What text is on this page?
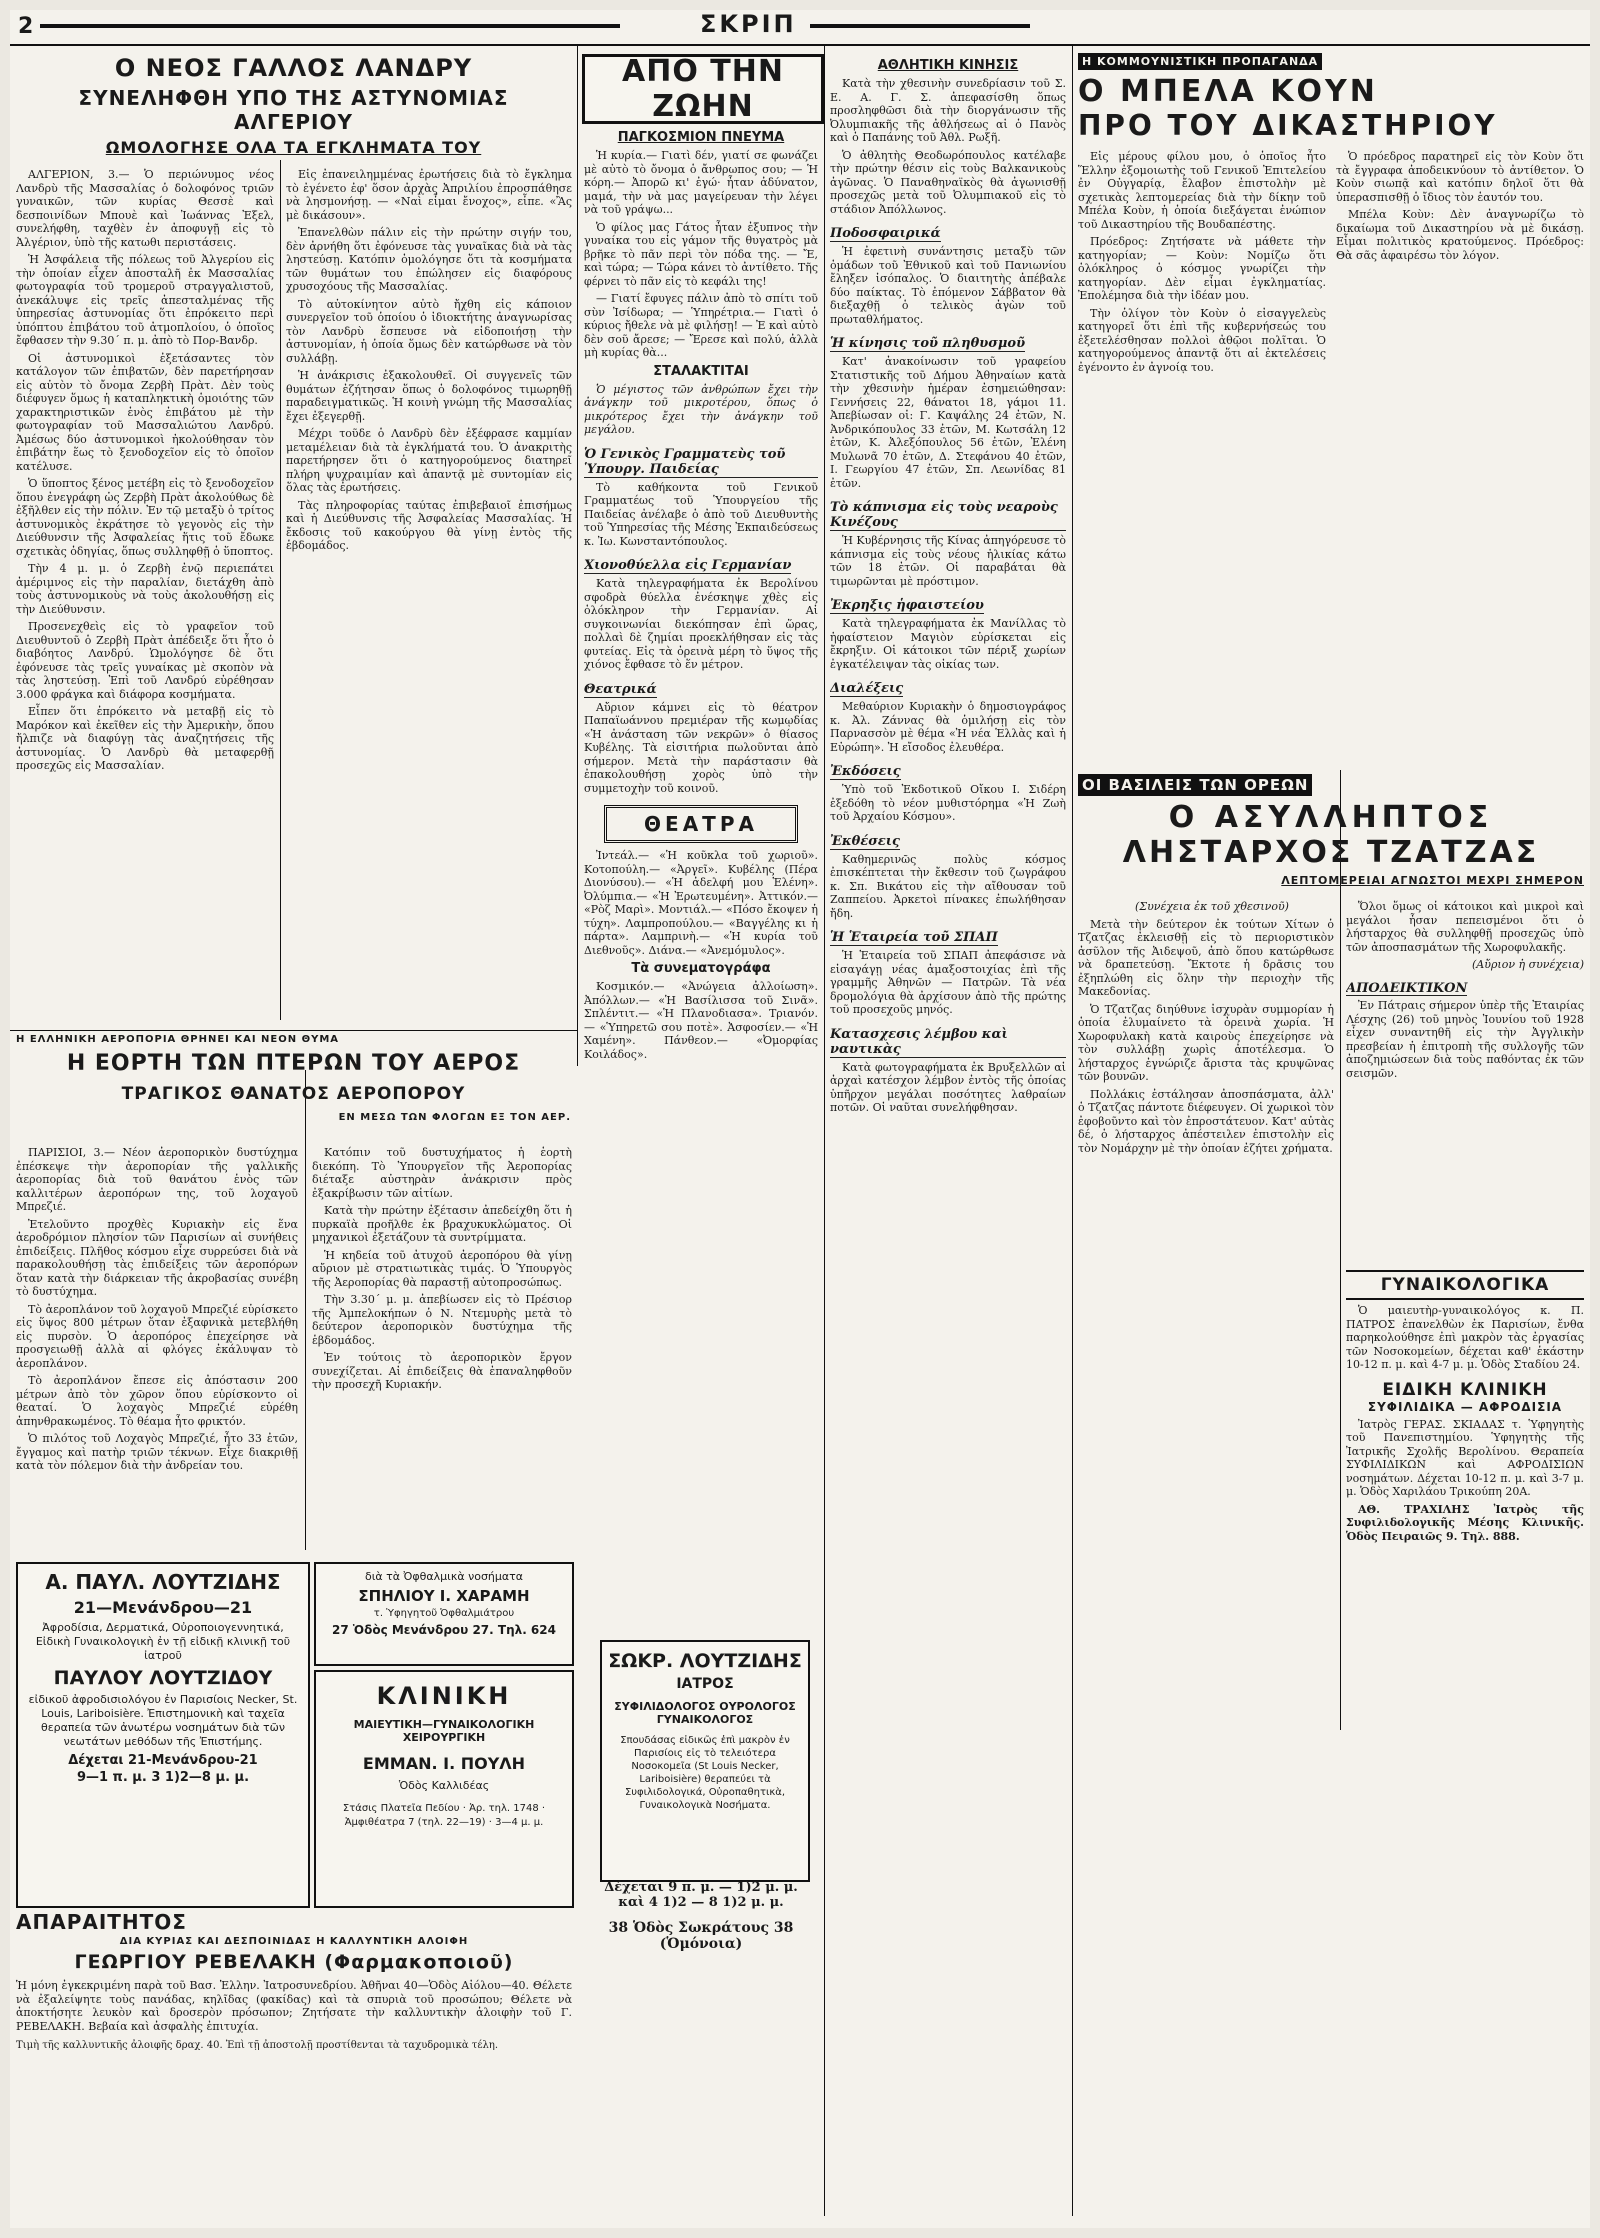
2	ΣΚΡΙΠ
Ο ΝΕΟΣ ΓΑΛΛΟΣ ΛΑΝΔΡΥ
ΣΥΝΕΛΗΦΘΗ ΥΠΟ ΤΗΣ ΑΣΤΥΝΟΜΙΑΣ ΑΛΓΕΡΙΟΥ
ΩΜΟΛΟΓΗΣΕ ΟΛΑ ΤΑ ΕΓΚΛΗΜΑΤΑ ΤΟΥ

ΑΛΓΕΡΙΟΝ, 3.— Ὁ περιώνυμος νέος Λανδρὺ τῆς Μασσαλίας ὁ δολοφόνος τριῶν γυναικῶν, τῶν κυρίας Θεσσὲ καὶ δεσποινίδων Μπουὲ καὶ Ἰωάννας Ἐξελ, συνελήφθη, ταχθὲν ἐν ἀποφυγῇ εἰς τὸ Ἀλγέριον, ὑπὸ τῆς κατωθι περιστάσεις.

Ἡ Ἀσφάλεια τῆς πόλεως τοῦ Ἀλγερίου εἰς τὴν ὁποίαν εἶχεν ἀποσταλῆ ἐκ Μασσαλίας φωτογραφία τοῦ τρομεροῦ στραγγαλιστοῦ, ἀνεκάλυψε εἰς τρεῖς ἀπεσταλμένας τῆς ὑπηρεσίας ἀστυνομίας ὅτι ἐπρόκειτο περὶ ὑπόπτου ἐπιβάτου τοῦ ἀτμοπλοίου, ὁ ὁποῖος ἔφθασεν τὴν 9.30΄ π. μ. ἀπὸ τὸ Πορ-Βανδρ.

Οἱ ἀστυνομικοὶ ἐξετάσαντες τὸν κατάλογον τῶν ἐπιβατῶν, δὲν παρετήρησαν εἰς αὐτὸν τὸ ὄνομα Ζερβὴ Πρὰτ. Δὲν τοὺς διέφυγεν ὅμως ἡ καταπληκτικὴ ὁμοιότης τῶν χαρακτηριστικῶν ἑνὸς ἐπιβάτου μὲ τὴν φωτογραφίαν τοῦ Μασσαλιώτου Λανδρύ. Ἀμέσως δύο ἀστυνομικοὶ ἠκολούθησαν τὸν ἐπιβάτην ἕως τὸ ξενοδοχεῖον εἰς τὸ ὁποῖον κατέλυσε.

Ὁ ὕποπτος ξένος μετέβη εἰς τὸ ξενοδοχεῖον ὅπου ἐνεγράφη ὡς Ζερβὴ Πρὰτ ἀκολούθως δὲ ἐξῆλθεν εἰς τὴν πόλιν. Ἐν τῷ μεταξὺ ὁ τρίτος ἀστυνομικὸς ἐκράτησε τὸ γεγονὸς εἰς τὴν Διεύθυνσιν τῆς Ἀσφαλείας ἥτις τοῦ ἔδωκε σχετικὰς ὁδηγίας, ὅπως συλληφθῇ ὁ ὕποπτος.

Τὴν 4 μ. μ. ὁ Ζερβὴ ἐνῷ περιεπάτει ἀμέριμνος εἰς τὴν παραλίαν, διετάχθη ἀπὸ τοὺς ἀστυνομικοὺς νὰ τοὺς ἀκολουθήσῃ εἰς τὴν Διεύθυνσιν.

Προσενεχθεὶς εἰς τὸ γραφεῖον τοῦ Διευθυντοῦ ὁ Ζερβὴ Πρὰτ ἀπέδειξε ὅτι ἦτο ὁ διαβόητος Λανδρύ. Ὡμολόγησε δὲ ὅτι ἐφόνευσε τὰς τρεῖς γυναίκας μὲ σκοπὸν νὰ τὰς ληστεύσῃ. Ἐπὶ τοῦ Λανδρύ εὑρέθησαν 3.000 φράγκα καὶ διάφορα κοσμήματα.

Εἶπεν ὅτι ἐπρόκειτο νὰ μεταβῇ εἰς τὸ Μαρόκον καὶ ἐκεῖθεν εἰς τὴν Ἀμερικὴν, ὅπου ἤλπιζε νὰ διαφύγῃ τὰς ἀναζητήσεις τῆς ἀστυνομίας. Ὁ Λανδρὺ θὰ μεταφερθῇ προσεχῶς εἰς Μασσαλίαν.

Εἰς ἐπανειλημμένας ἐρωτήσεις διὰ τὸ ἔγκλημα τὸ ἐγένετο ἐφ' ὅσον ἀρχὰς Ἀπριλίου ἐπροσπάθησε νὰ λησμονήσῃ. — «Ναὶ εἶμαι ἔνοχος», εἶπε. «Ἂς μὲ δικάσουν».

Ἐπανελθὼν πάλιν εἰς τὴν πρώτην σιγήν του, δὲν ἀρνήθη ὅτι ἐφόνευσε τὰς γυναῖκας διὰ νὰ τὰς ληστεύσῃ. Κατόπιν ὁμολόγησε ὅτι τὰ κοσμήματα τῶν θυμάτων του ἐπώλησεν εἰς διαφόρους χρυσοχόους τῆς Μασσαλίας.

Τὸ αὐτοκίνητον αὐτὸ ἤχθη εἰς κάποιον συνεργεῖον τοῦ ὁποίου ὁ ἰδιοκτήτης ἀναγνωρίσας τὸν Λανδρὺ ἔσπευσε νὰ εἰδοποιήσῃ τὴν ἀστυνομίαν, ἡ ὁποία ὅμως δὲν κατώρθωσε νὰ τὸν συλλάβῃ.

Ἡ ἀνάκρισις ἐξακολουθεῖ. Οἱ συγγενεῖς τῶν θυμάτων ἐζήτησαν ὅπως ὁ δολοφόνος τιμωρηθῇ παραδειγματικῶς. Ἡ κοινὴ γνώμη τῆς Μασσαλίας ἔχει ἐξεγερθῇ.

Μέχρι τοῦδε ὁ Λανδρὺ δὲν ἐξέφρασε καμμίαν μεταμέλειαν διὰ τὰ ἐγκλήματά του. Ὁ ἀνακριτὴς παρετήρησεν ὅτι ὁ κατηγορούμενος διατηρεῖ πλήρη ψυχραιμίαν καὶ ἀπαντᾷ μὲ συντομίαν εἰς ὅλας τὰς ἐρωτήσεις.

Τὰς πληροφορίας ταύτας ἐπιβεβαιοῖ ἐπισήμως καὶ ἡ Διεύθυνσις τῆς Ἀσφαλείας Μασσαλίας. Ἡ ἔκδοσις τοῦ κακούργου θὰ γίνῃ ἐντὸς τῆς ἑβδομάδος.

Η ΕΛΛΗΝΙΚΗ ΑΕΡΟΠΟΡΙΑ ΘΡΗΝΕΙ ΚΑΙ ΝΕΟΝ ΘΥΜΑ
Η ΕΟΡΤΗ ΤΩΝ ΠΤΕΡΩΝ ΤΟΥ ΑΕΡΟΣ
ΤΡΑΓΙΚΟΣ ΘΑΝΑΤΟΣ ΑΕΡΟΠΟΡΟΥ
ΕΝ ΜΕΣΩ ΤΩΝ ΦΛΟΓΩΝ ΕΞ ΤΟΝ ΑΕΡ.

ΠΑΡΙΣΙΟΙ, 3.— Νέον ἀεροπορικὸν δυστύχημα ἐπέσκεψε τὴν ἀεροπορίαν τῆς γαλλικῆς ἀεροπορίας διὰ τοῦ θανάτου ἑνὸς τῶν καλλιτέρων ἀεροπόρων της, τοῦ λοχαγοῦ Μπρεζιέ.

Ἐτελοῦντο προχθὲς Κυριακὴν εἰς ἕνα ἀεροδρόμιον πλησίον τῶν Παρισίων αἱ συνήθεις ἐπιδείξεις. Πλῆθος κόσμου εἶχε συρρεύσει διὰ νὰ παρακολουθήσῃ τὰς ἐπιδείξεις τῶν ἀεροπόρων ὅταν κατὰ τὴν διάρκειαν τῆς ἀκροβασίας συνέβη τὸ δυστύχημα.

Τὸ ἀεροπλάνον τοῦ λοχαγοῦ Μπρεζιέ εὑρίσκετο εἰς ὕψος 800 μέτρων ὅταν ἐξαφνικὰ μετεβλήθη εἰς πυρσὸν. Ὁ ἀεροπόρος ἐπεχείρησε νὰ προσγειωθῇ ἀλλὰ αἱ φλόγες ἐκάλυψαν τὸ ἀεροπλάνον.

Τὸ ἀεροπλάνον ἔπεσε εἰς ἀπόστασιν 200 μέτρων ἀπὸ τὸν χῶρον ὅπου εὑρίσκοντο οἱ θεαταί. Ὁ λοχαγὸς Μπρεζιέ εὑρέθη ἀπηνθρακωμένος. Τὸ θέαμα ἦτο φρικτόν.

Ὁ πιλότος τοῦ Λοχαγὸς Μπρεζιέ, ἦτο 33 ἐτῶν, ἔγγαμος καὶ πατὴρ τριῶν τέκνων. Εἶχε διακριθῇ κατὰ τὸν πόλεμον διὰ τὴν ἀνδρείαν του.

Κατόπιν τοῦ δυστυχήματος ἡ ἑορτὴ διεκόπη. Τὸ Ὑπουργεῖον τῆς Ἀεροπορίας διέταξε αὐστηρὰν ἀνάκρισιν πρὸς ἐξακρίβωσιν τῶν αἰτίων.

Κατὰ τὴν πρώτην ἐξέτασιν ἀπεδείχθη ὅτι ἡ πυρκαϊὰ προῆλθε ἐκ βραχυκυκλώματος. Οἱ μηχανικοὶ ἐξετάζουν τὰ συντρίμματα.

Ἡ κηδεία τοῦ ἀτυχοῦ ἀεροπόρου θὰ γίνῃ αὔριον μὲ στρατιωτικὰς τιμάς. Ὁ Ὑπουργὸς τῆς Ἀεροπορίας θὰ παραστῇ αὐτοπροσώπως.

Τὴν 3.30΄ μ. μ. ἀπεβίωσεν εἰς τὸ Πρέσιορ τῆς Ἀμπελοκήπων ὁ Ν. Ντεμυρὴς μετὰ τὸ δεύτερον ἀεροπορικὸν δυστύχημα τῆς ἑβδομάδος.

Ἐν τούτοις τὸ ἀεροπορικὸν ἔργον συνεχίζεται. Αἱ ἐπιδείξεις θὰ ἐπαναληφθοῦν τὴν προσεχῆ Κυριακήν.

Α. ΠΑΥΛ. ΛΟΥΤΖΙΔΗΣ
21—Μενάνδρου—21
Ἀφροδίσια, Δερματικά, Οὐροποιογεννητικά, Εἰδικὴ Γυναικολογικὴ ἐν τῇ εἰδικῇ κλινικῇ τοῦ ἰατροῦ
ΠΑΥΛΟΥ ΛΟΥΤΖΙΔΟΥ
εἰδικοῦ ἀφροδισιολόγου ἐν Παρισίοις Necker, St. Louis, Lariboisière. Ἐπιστημονικὴ καὶ ταχεῖα θεραπεία τῶν ἀνωτέρω νοσημάτων διὰ τῶν νεωτάτων μεθόδων τῆς Ἐπιστήμης.
Δέχεται 21-Μενάνδρου-21
9—1 π. μ. 3 1)2—8 μ. μ.
διὰ τὰ Ὀφθαλμικὰ νοσήματα
ΣΠΗΛΙΟΥ Ι. ΧΑΡΑΜΗ
τ. Ὑφηγητοῦ Ὀφθαλμιάτρου
27 Ὁδὸς Μενάνδρου 27. Τηλ. 624
ΚΛΙΝΙΚΗ
ΜΑΙΕΥΤΙΚΗ—ΓΥΝΑΙΚΟΛΟΓΙΚΗ ΧΕΙΡΟΥΡΓΙΚΗ
ΕΜΜΑΝ. Ι. ΠΟΥΛΗ
Ὁδὸς Καλλιδέας
Στάσις Πλατεῖα Πεδίου · Ἀρ. τηλ. 1748 · Ἀμφιθέατρα 7 (τηλ. 22—19) · 3—4 μ. μ.
ΑΠΑΡΑΙΤΗΤΟΣ
ΔΙΑ ΚΥΡΙΑΣ ΚΑΙ ΔΕΣΠΟΙΝΙΔΑΣ Η ΚΑΛΛΥΝΤΙΚΗ ΑΛΟΙΦΗ
ΓΕΩΡΓΙΟΥ ΡΕΒΕΛΑΚΗ (Φαρμακοποιοῦ)
Ἡ μόνη ἐγκεκριμένη παρὰ τοῦ Βασ. Ἑλλην. Ἰατροσυνεδρίου. Ἀθῆναι 40—Ὁδὸς Αἰόλου—40. Θέλετε νὰ ἐξαλείψητε τοὺς πανάδας, κηλῖδας (φακίδας) καὶ τὰ σπυριὰ τοῦ προσώπου; Θέλετε νὰ ἀποκτήσητε λευκὸν καὶ δροσερὸν πρόσωπον; Ζητήσατε τὴν καλλυντικὴν ἀλοιφὴν τοῦ Γ. ΡΕΒΕΛΑΚΗ. Βεβαία καὶ ἀσφαλὴς ἐπιτυχία.
Τιμὴ τῆς καλλυντικῆς ἀλοιφῆς δραχ. 40. Ἐπὶ τῇ ἀποστολῇ προστίθενται τὰ ταχυδρομικὰ τέλη.
ΑΠΟ ΤΗΝ ΖΩΗΝ
ΠΑΓΚΟΣΜΙΟΝ ΠΝΕΥΜΑ

Ἡ κυρία.— Γιατὶ δέν, γιατί σε φωνάζει μὲ αὐτὸ τὸ ὄνομα ὁ ἄνθρωπος σου; — Ἡ κόρη.— Ἀπορῶ κι' ἐγώ· ἦταν ἀδύνατον, μαμά, τὴν νὰ μας μαγείρευαν τὴν λέγει νὰ τοῦ γράψω...

Ὁ φίλος μας Γάτος ἦταν ἐξυπνος τὴν γυναίκα του εἰς γάμον τῆς θυγατρὸς μὰ βρῆκε τὸ πᾶν περὶ τὸν πόδα της. — Ἔ, καὶ τώρα; — Τώρα κάνει τὸ ἀντίθετο. Τῆς φέρνει τὸ πᾶν εἰς τὸ κεφάλι της!

— Γιατί ἔφυγες πάλιν ἀπὸ τὸ σπίτι τοῦ σὺν Ἰσίδωρα; — Ὑπηρέτρια.— Γιατὶ ὁ κύριος ἤθελε νὰ μὲ φιλήσῃ! — Ἐ καὶ αὐτὸ δὲν σοῦ ἄρεσε; — Ἔρεσε καὶ πολύ, ἀλλὰ μὴ κυρίας θὰ...

ΣΤΑΛΑΚΤΙΤΑΙ

Ὁ μέγιστος τῶν ἀνθρώπων ἔχει τὴν ἀνάγκην τοῦ μικροτέρου, ὅπως ὁ μικρότερος ἔχει τὴν ἀνάγκην τοῦ μεγάλου.

Ὁ Γενικὸς Γραμματεὺς τοῦ Ὑπουργ. Παιδείας

Τὸ καθήκοντα τοῦ Γενικοῦ Γραμματέως τοῦ Ὑπουργείου τῆς Παιδείας ἀνέλαβε ὁ ἀπὸ τοῦ Διευθυντὴς τοῦ Ὑπηρεσίας τῆς Μέσης Ἐκπαιδεύσεως κ. Ἰω. Κωνσταντόπουλος.

Χιονοθύελλα εἰς Γερμανίαν

Κατὰ τηλεγραφήματα ἐκ Βερολίνου σφοδρὰ θύελλα ἐνέσκηψε χθὲς εἰς ὁλόκληρον τὴν Γερμανίαν. Αἱ συγκοινωνίαι διεκόπησαν ἐπὶ ὥρας, πολλαὶ δὲ ζημίαι προεκλήθησαν εἰς τὰς φυτείας. Εἰς τὰ ὀρεινὰ μέρη τὸ ὕψος τῆς χιόνος ἔφθασε τὸ ἕν μέτρον.

Θεατρικά

Αὔριον κάμνει εἰς τὸ θέατρον Παπαϊωάννου πρεμιέραν τῆς κωμῳδίας «Ἡ ἀνάσταση τῶν νεκρῶν» ὁ θίασος Κυβέλης. Τὰ εἰσιτήρια πωλοῦνται ἀπὸ σήμερον. Μετὰ τὴν παράστασιν θὰ ἐπακολουθήσῃ χορὸς ὑπὸ τὴν συμμετοχὴν τοῦ κοινοῦ.

ΘΕΑΤΡΑ

Ἰντεάλ.— «Ἡ κοῦκλα τοῦ χωριοῦ». Κοτοπούλη.— «Ἀργεῖ». Κυβέλης (Πέρα Διονύσου).— «Ἡ ἀδελφή μου Ἑλένη». Ὀλύμπια.— «Ἡ Ἐρωτευμένη». Ἀττικόν.— «Ρὸζ Μαρὶ». Μοντιάλ.— «Πόσο ἔκοψεν ἡ τύχη». Λαμπροπούλου.— «Βαγγέλης κι ἡ πάρτα». Λαμπρινὴ.— «Ἡ κυρία τοῦ Διεθνοῦς». Διάνα.— «Ἀνεμόμυλος».

Τὰ συνεματογράφα

Κοσμικόν.— «Ἀνώγεια ἀλλοίωση». Ἀπόλλων.— «Ἡ Βασίλισσα τοῦ Σινᾶ». Σπλέντιτ.— «Ἡ Πλανοδιασα». Τριανόν.— «Ὑπηρετῶ σου ποτὲ». Ἀσφοσίεν.— «Ἡ Χαμένη». Πάνθεον.— «Ὀμορφίας Κοιλάδος».

ΣΩΚΡ. ΛΟΥΤΖΙΔΗΣ
ΙΑΤΡΟΣ
ΣΥΦΙΛΙΔΟΛΟΓΟΣ ΟΥΡΟΛΟΓΟΣ ΓΥΝΑΙΚΟΛΟΓΟΣ
Σπουδάσας εἰδικῶς ἐπὶ μακρὸν ἐν Παρισίοις εἰς τὸ τελειότερα Νοσοκομεῖα (St Louis Necker, Lariboisière) θεραπεύει τὰ Συφιλιδολογικά, Οὐροπαθητικὰ, Γυναικολογικὰ Νοσήματα.
Δέχεται 9 π. μ. — 1)2 μ. μ. καὶ 4 1)2 — 8 1)2 μ. μ.
38 Ὁδὸς Σωκράτους 38 (Ὁμόνοια)
ΑΘΛΗΤΙΚΗ ΚΙΝΗΣΙΣ

Κατὰ τὴν χθεσινὴν συνεδρίασιν τοῦ Σ. Ε. Α. Γ. Σ. ἀπεφασίσθη ὅπως προσληφθῶσι διὰ τὴν διοργάνωσιν τῆς Ὀλυμπιακῆς τῆς ἀθλήσεως αἱ ὁ Πανὸς καὶ ὁ Παπάνης τοῦ Ἀθλ. Ρωξῆ.

Ὁ ἀθλητὴς Θεοδωρόπουλος κατέλαβε τὴν πρώτην θέσιν εἰς τοὺς Βαλκανικοὺς ἀγῶνας. Ὁ Παναθηναϊκὸς θὰ ἀγωνισθῇ προσεχῶς μετὰ τοῦ Ὀλυμπιακοῦ εἰς τὸ στάδιον Ἀπόλλωνος.

Ποδοσφαιρικά

Ἡ ἐφετινὴ συνάντησις μεταξὺ τῶν ὁμάδων τοῦ Ἐθνικοῦ καὶ τοῦ Πανιωνίου ἔληξεν ἰσόπαλος. Ὁ διαιτητὴς ἀπέβαλε δύο παίκτας. Τὸ ἐπόμενον Σάββατον θὰ διεξαχθῇ ὁ τελικὸς ἀγὼν τοῦ πρωταθλήματος.

Ἡ κίνησις τοῦ πληθυσμοῦ

Κατ' ἀνακοίνωσιν τοῦ γραφείου Στατιστικῆς τοῦ Δήμου Ἀθηναίων κατὰ τὴν χθεσινὴν ἡμέραν ἐσημειώθησαν: Γεννήσεις 22, θάνατοι 18, γάμοι 11. Ἀπεβίωσαν οἱ: Γ. Καψάλης 24 ἐτῶν, Ν. Ἀνδρικόπουλος 33 ἐτῶν, Μ. Κωτσάλη 12 ἐτῶν, Κ. Ἀλεξόπουλος 56 ἐτῶν, Ἑλένη Μυλωνᾶ 70 ἐτῶν, Δ. Στεφάνου 40 ἐτῶν, Ι. Γεωργίου 47 ἐτῶν, Σπ. Λεωνίδας 81 ἐτῶν.

Τὸ κάπνισμα εἰς τοὺς νεαροὺς Κινέζους

Ἡ Κυβέρνησις τῆς Κίνας ἀπηγόρευσε τὸ κάπνισμα εἰς τοὺς νέους ἡλικίας κάτω τῶν 18 ἐτῶν. Οἱ παραβάται θὰ τιμωρῶνται μὲ πρόστιμον.

Ἐκρηξις ἡφαιστείου

Κατὰ τηλεγραφήματα ἐκ Μανίλλας τὸ ἡφαίστειον Μαγιὸν εὑρίσκεται εἰς ἔκρηξιν. Οἱ κάτοικοι τῶν πέριξ χωρίων ἐγκατέλειψαν τὰς οἰκίας των.

Διαλέξεις

Μεθαύριον Κυριακὴν ὁ δημοσιογράφος κ. Ἀλ. Ζάννας θὰ ὁμιλήσῃ εἰς τὸν Παρνασσὸν μὲ θέμα «Ἡ νέα Ἑλλὰς καὶ ἡ Εὐρώπη». Ἡ εἴσοδος ἐλευθέρα.

Ἐκδόσεις

Ὑπὸ τοῦ Ἐκδοτικοῦ Οἴκου Ι. Σιδέρη ἐξεδόθη τὸ νέον μυθιστόρημα «Ἡ Ζωὴ τοῦ Ἀρχαίου Κόσμου».

Ἐκθέσεις

Καθημερινῶς πολὺς κόσμος ἐπισκέπτεται τὴν ἔκθεσιν τοῦ ζωγράφου κ. Σπ. Βικάτου εἰς τὴν αἴθουσαν τοῦ Ζαππείου. Ἀρκετοὶ πίνακες ἐπωλήθησαν ἤδη.

Ἡ Ἑταιρεία τοῦ ΣΠΑΠ

Ἡ Ἑταιρεία τοῦ ΣΠΑΠ ἀπεφάσισε νὰ εἰσαγάγῃ νέας ἀμαξοστοιχίας ἐπὶ τῆς γραμμῆς Ἀθηνῶν — Πατρῶν. Τὰ νέα δρομολόγια θὰ ἀρχίσουν ἀπὸ τῆς πρώτης τοῦ προσεχοῦς μηνός.

Κατασχεσις λέμβου καὶ ναυτικὰς

Κατὰ φωτογραφήματα ἐκ Βρυξελλῶν αἱ ἀρχαὶ κατέσχον λέμβον ἐντὸς τῆς ὁποίας ὑπῆρχον μεγάλαι ποσότητες λαθραίων ποτῶν. Οἱ ναῦται συνελήφθησαν.

Η ΚΟΜΜΟΥΝΙΣΤΙΚΗ ΠΡΟΠΑΓΑΝΔΑ
Ο ΜΠΕΛΑ ΚΟΥΝ
ΠΡΟ ΤΟΥ ΔΙΚΑΣΤΗΡΙΟΥ

Εἰς μέρους φίλου μου, ὁ ὁποῖος ἦτο Ἕλλην ἐξομοιωτὴς τοῦ Γενικοῦ Ἐπιτελείου ἐν Οὐγγαρίᾳ, ἔλαβον ἐπιστολὴν μὲ σχετικὰς λεπτομερείας διὰ τὴν δίκην τοῦ Μπέλα Κοὺν, ἡ ὁποία διεξάγεται ἐνώπιον τοῦ Δικαστηρίου τῆς Βουδαπέστης.

Πρόεδρος: Ζητήσατε νὰ μάθετε τὴν κατηγορίαν; — Κοὺν: Νομίζω ὅτι ὁλόκληρος ὁ κόσμος γνωρίζει τὴν κατηγορίαν. Δὲν εἶμαι ἐγκληματίας. Ἐπολέμησα διὰ τὴν ἰδέαν μου.

Τὴν ὁλίγον τὸν Κοὺν ὁ εἰσαγγελεὺς κατηγορεῖ ὅτι ἐπὶ τῆς κυβερνήσεώς του ἐξετελέσθησαν πολλοὶ ἀθῷοι πολῖται. Ὁ κατηγορούμενος ἀπαντᾷ ὅτι αἱ ἐκτελέσεις ἐγένοντο ἐν ἀγνοίᾳ του.

Ὁ πρόεδρος παρατηρεῖ εἰς τὸν Κοὺν ὅτι τὰ ἔγγραφα ἀποδεικνύουν τὸ ἀντίθετον. Ὁ Κοὺν σιωπᾷ καὶ κατόπιν δηλοῖ ὅτι θὰ ὑπερασπισθῇ ὁ ἴδιος τὸν ἑαυτόν του.

Μπέλα Κοὺν: Δὲν ἀναγνωρίζω τὸ δικαίωμα τοῦ Δικαστηρίου νὰ μὲ δικάσῃ. Εἶμαι πολιτικὸς κρατούμενος. Πρόεδρος: Θὰ σᾶς ἀφαιρέσω τὸν λόγον.

ΟΙ ΒΑΣΙΛΕΙΣ ΤΩΝ ΟΡΕΩΝ
Ο ΑΣΥΛΛΗΠΤΟΣ
ΛΗΣΤΑΡΧΟΣ ΤΖΑΤΖΑΣ
ΛΕΠΤΟΜΕΡΕΙΑΙ ΑΓΝΩΣΤΟΙ ΜΕΧΡΙ ΣΗΜΕΡΟΝ

(Συνέχεια ἐκ τοῦ χθεσινοῦ)

Μετὰ τὴν δεύτερον ἐκ τούτων Χίτων ὁ Τζατζας ἐκλεισθῇ εἰς τὸ περιοριστικὸν ἀσῦλον τῆς Ἀιδεψοῦ, ἀπὸ ὅπου κατώρθωσε νὰ δραπετεύσῃ. Ἔκτοτε ἡ δρᾶσις του ἐξηπλώθη εἰς ὅλην τὴν περιοχὴν τῆς Μακεδονίας.

Ὁ Τζατζας διηύθυνε ἰσχυρὰν συμμορίαν ἡ ὁποία ἐλυμαίνετο τὰ ὀρεινὰ χωρία. Ἡ Χωροφυλακὴ κατὰ καιροὺς ἐπεχείρησε νὰ τὸν συλλάβῃ χωρὶς ἀποτέλεσμα. Ὁ λήσταρχος ἐγνώριζε ἄριστα τὰς κρυψῶνας τῶν βουνῶν.

Πολλάκις ἐστάλησαν ἀποσπάσματα, ἀλλ' ὁ Τζατζας πάντοτε διέφευγεν. Οἱ χωρικοὶ τὸν ἐφοβοῦντο καὶ τὸν ἐπροστάτευον. Κατ' αὐτὰς δέ, ὁ λήσταρχος ἀπέστειλεν ἐπιστολὴν εἰς τὸν Νομάρχην μὲ τὴν ὁποίαν ἐζήτει χρήματα.

Ὅλοι ὅμως οἱ κάτοικοι καὶ μικροὶ καὶ μεγάλοι ἦσαν πεπεισμένοι ὅτι ὁ λήσταρχος θὰ συλληφθῇ προσεχῶς ὑπὸ τῶν ἀποσπασμάτων τῆς Χωροφυλακῆς.

(Αὔριον ἡ συνέχεια)

ΑΠΟΔΕΙΚΤΙΚΟΝ

Ἐν Πάτραις σήμερον ὑπὲρ τῆς Ἐταιρίας Λέσχης (26) τοῦ μηνὸς Ἰουνίου τοῦ 1928 εἶχεν συναντηθῆ εἰς τὴν Ἀγγλικὴν πρεσβείαν ἡ ἐπιτροπὴ τῆς συλλογῆς τῶν ἀποζημιώσεων διὰ τοὺς παθόντας ἐκ τῶν σεισμῶν.

ΓΥΝΑΙΚΟΛΟΓΙΚΑ

Ὁ μαιευτὴρ-γυναικολόγος κ. Π. ΠΑΤΡΟΣ ἐπανελθὼν ἐκ Παρισίων, ἔνθα παρηκολούθησε ἐπὶ μακρὸν τὰς ἐργασίας τῶν Νοσοκομείων, δέχεται καθ' ἑκάστην 10-12 π. μ. καὶ 4-7 μ. μ. Ὁδὸς Σταδίου 24.

ΕΙΔΙΚΗ ΚΛΙΝΙΚΗ
ΣΥΦΙΛΙΔΙΚΑ — ΑΦΡΟΔΙΣΙΑ

Ἰατρὸς ΓΕΡΑΣ. ΣΚΙΑΔΑΣ τ. Ὑφηγητὴς τοῦ Πανεπιστημίου. Ὑφηγητὴς τῆς Ἰατρικῆς Σχολῆς Βερολίνου. Θεραπεία ΣΥΦΙΛΙΔΙΚΩΝ καὶ ΑΦΡΟΔΙΣΙΩΝ νοσημάτων. Δέχεται 10-12 π. μ. καὶ 3-7 μ. μ. Ὁδὸς Χαριλάου Τρικούπη 20Α.

ΑΘ. ΤΡΑΧΙΛΗΣ Ἰατρὸς τῆς Συφιλιδολογικῆς Μέσης Κλινικῆς. Ὁδὸς Πειραιῶς 9. Τηλ. 888.
